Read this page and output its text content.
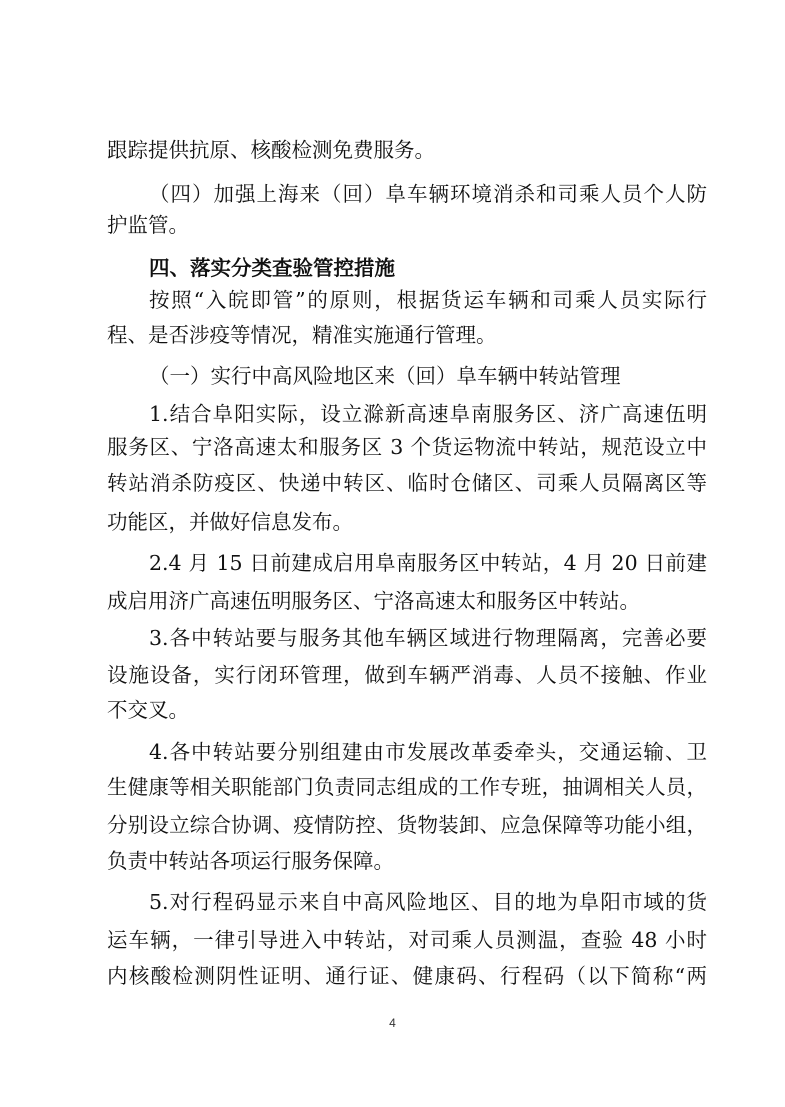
跟踪提供抗原、核酸检测免费服务。
（四）加强上海来（回）阜车辆环境消杀和司乘人员个人防
护监管。
四、落实分类查验管控措施
按照“入皖即管”的原则，根据货运车辆和司乘人员实际行
程、是否涉疫等情况，精准实施通行管理。
（一）实行中高风险地区来（回）阜车辆中转站管理
1.结合阜阳实际，设立滁新高速阜南服务区、济广高速伍明
服务区、宁洛高速太和服务区 3 个货运物流中转站，规范设立中
转站消杀防疫区、快递中转区、临时仓储区、司乘人员隔离区等
功能区，并做好信息发布。
2.4 月 15 日前建成启用阜南服务区中转站，4 月 20 日前建
成启用济广高速伍明服务区、宁洛高速太和服务区中转站。
3.各中转站要与服务其他车辆区域进行物理隔离，完善必要
设施设备，实行闭环管理，做到车辆严消毒、人员不接触、作业
不交叉。
4.各中转站要分别组建由市发展改革委牵头，交通运输、卫
生健康等相关职能部门负责同志组成的工作专班，抽调相关人员，
分别设立综合协调、疫情防控、货物装卸、应急保障等功能小组，
负责中转站各项运行服务保障。
5.对行程码显示来自中高风险地区、目的地为阜阳市域的货
运车辆，一律引导进入中转站，对司乘人员测温，查验 48 小时
内核酸检测阴性证明、通行证、健康码、行程码（以下简称“两
4
